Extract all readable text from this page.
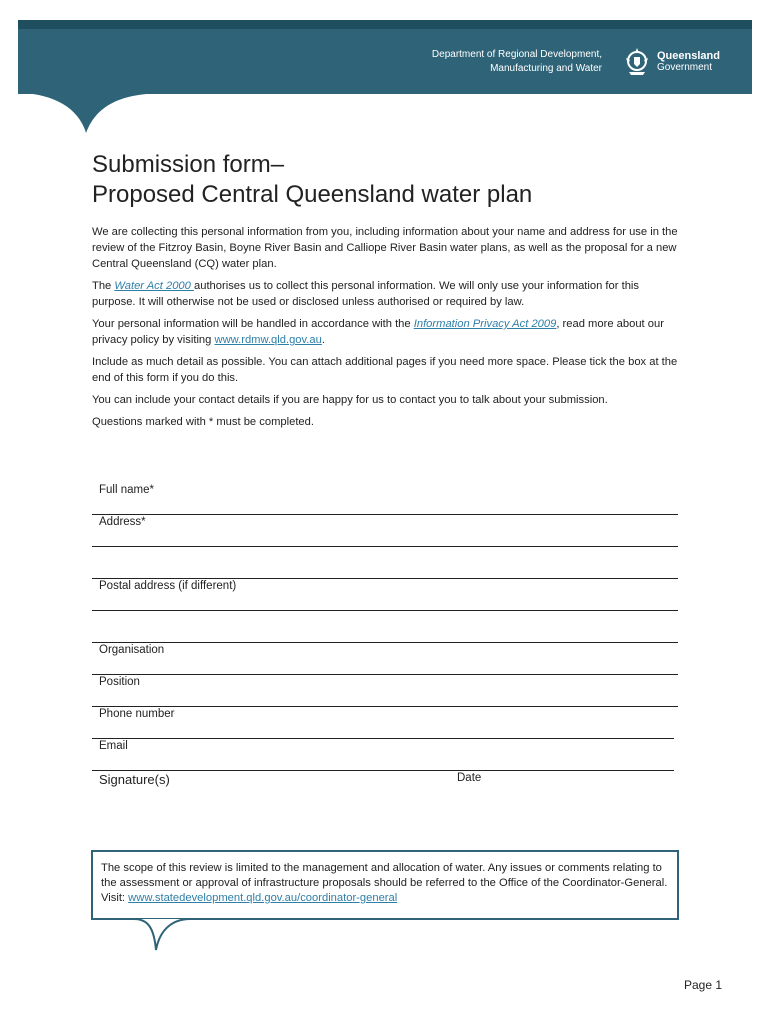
Department of Regional Development,
Manufacturing and Water
Queensland
Government
Submission form–
Proposed Central Queensland water plan

We are collecting this personal information from you, including information about your name and address for use in the review of the Fitzroy Basin, Boyne River Basin and Calliope River Basin water plans, as well as the proposal for a new Central Queensland (CQ) water plan.

The Water Act 2000 authorises us to collect this personal information. We will only use your information for this purpose. It will otherwise not be used or disclosed unless authorised or required by law.

Your personal information will be handled in accordance with the Information Privacy Act 2009, read more about our privacy policy by visiting www.rdmw.qld.gov.au.

Include as much detail as possible. You can attach additional pages if you need more space. Please tick the box at the end of this form if you do this.

You can include your contact details if you are happy for us to contact you to talk about your submission.

Questions marked with * must be completed.

Full name*
Address*
Postal address (if different)
Organisation
Position
Phone number
Email
Signature(s)	Date
The scope of this review is limited to the management and allocation of water. Any issues or comments relating to the assessment or approval of infrastructure proposals should be referred to the Office of the Coordinator-General. Visit: www.statedevelopment.qld.gov.au/coordinator-general
Page 1
